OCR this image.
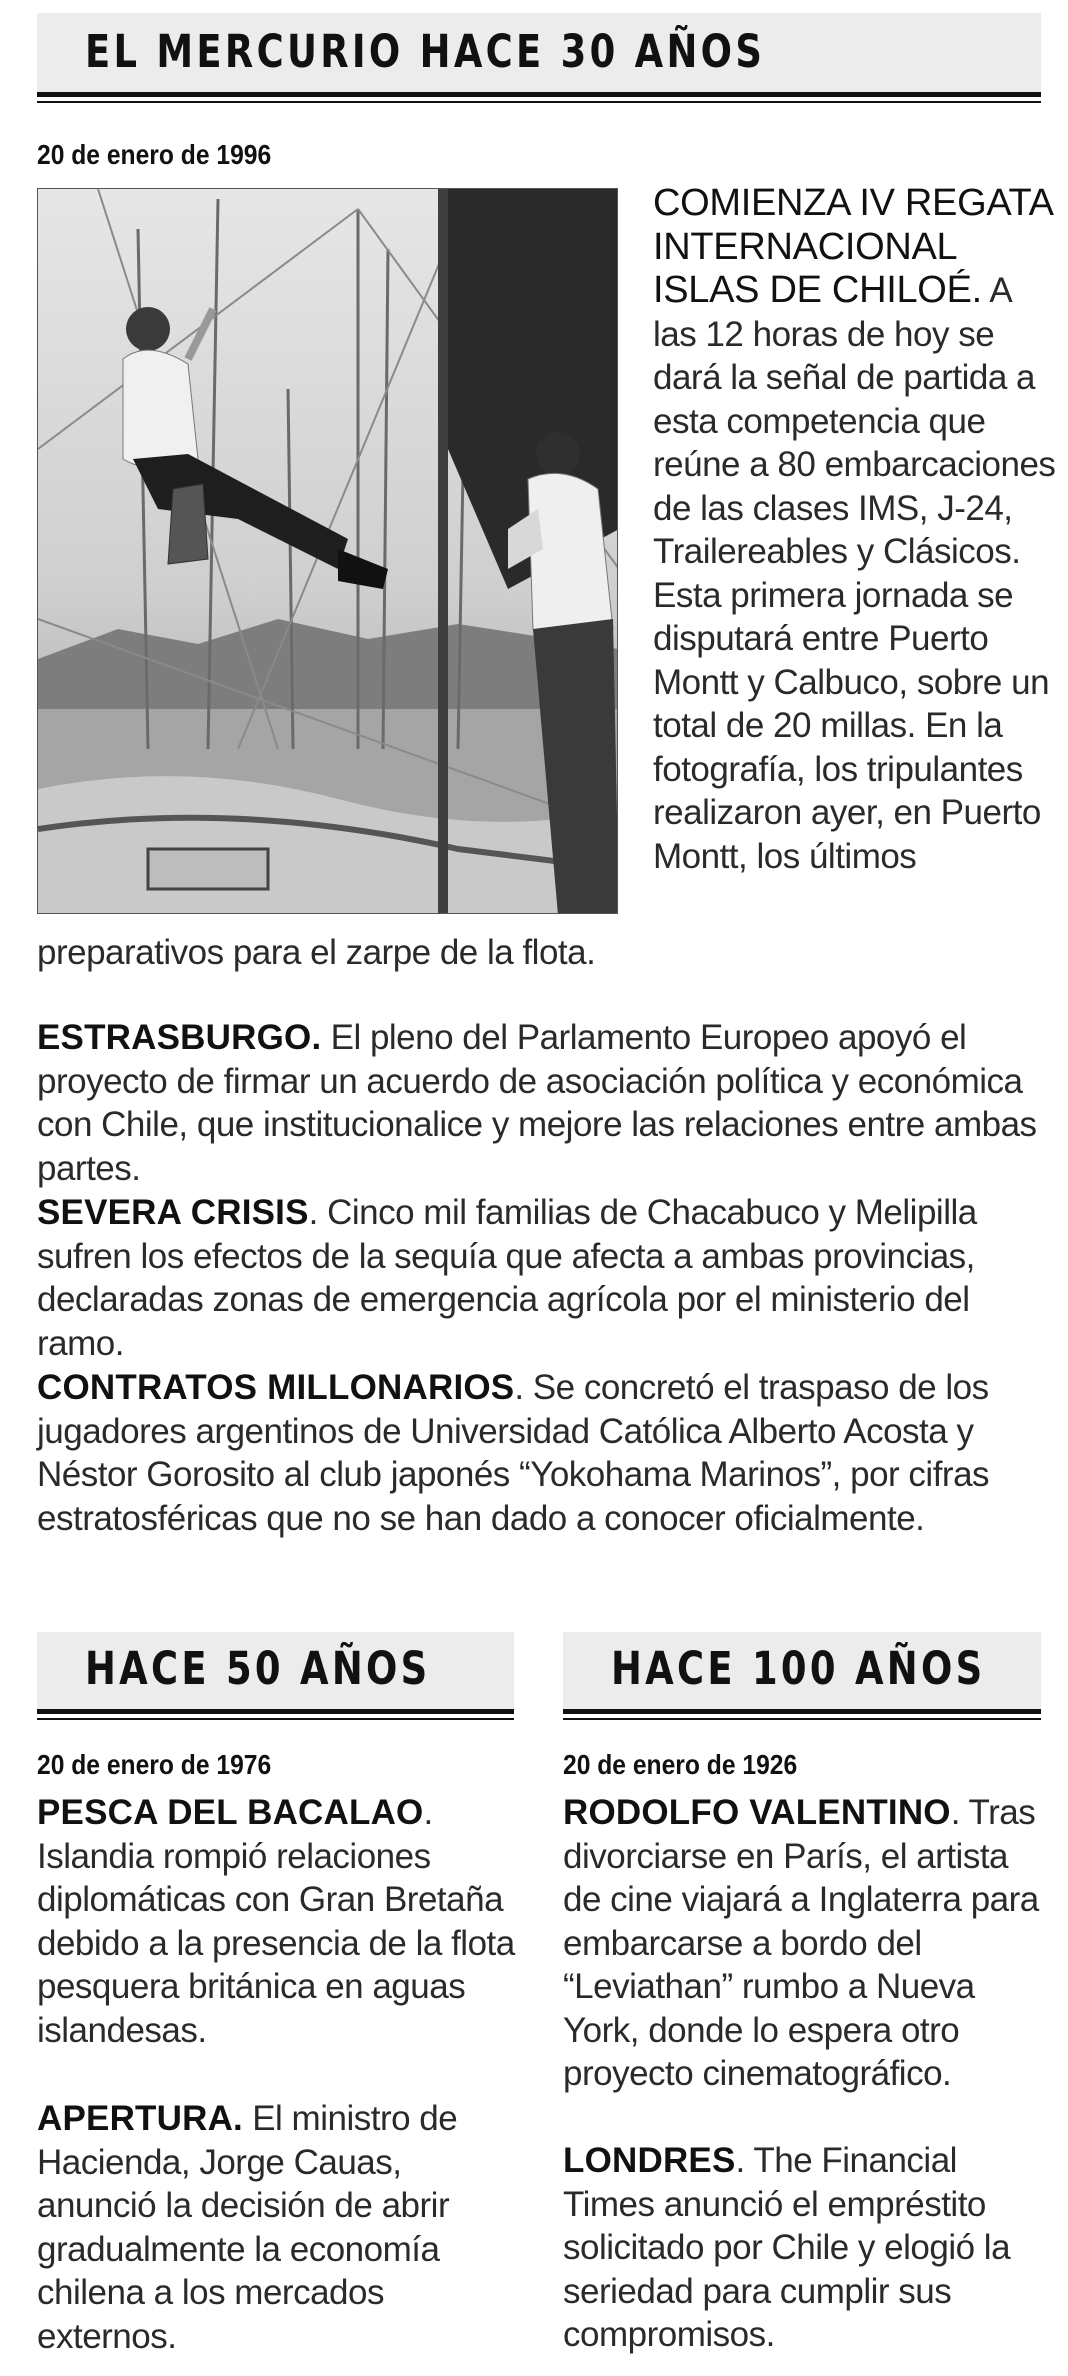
EL MERCURIO HACE 30 AÑOS
20 de enero de 1996
COMIENZA IV REGATA INTERNACIONAL ISLAS DE CHILOÉ. A
las 12 horas de hoy se
dará la señal de partida a
esta competencia que
reúne a 80 embarcaciones
de las clases IMS, J-24,
Trailereables y Clásicos.
Esta primera jornada se
disputará entre Puerto
Montt y Calbuco, sobre un
total de 20 millas. En la
fotografía, los tripulantes
realizaron ayer, en Puerto
Montt, los últimos
preparativos para el zarpe de la flota.
ESTRASBURGO. El pleno del Parlamento Europeo apoyó el proyecto de firmar un acuerdo de asociación política y económica con Chile, que institucionalice y mejore las relaciones entre ambas partes.
SEVERA CRISIS. Cinco mil familias de Chacabuco y Melipilla sufren los efectos de la sequía que afecta a ambas provincias, declaradas zonas de emergencia agrícola por el ministerio del ramo.
CONTRATOS MILLONARIOS. Se concretó el traspaso de los jugadores argentinos de Universidad Católica Alberto Acosta y Néstor Gorosito al club japonés “Yokohama Marinos”, por cifras estratosféricas que no se han dado a conocer oficialmente.
HACE 50 AÑOS
20 de enero de 1976
PESCA DEL BACALAO. Islandia rompió relaciones diplomáticas con Gran Bretaña debido a la presencia de la flota pesquera británica en aguas islandesas.
APERTURA. El ministro de Hacienda, Jorge Cauas, anunció la decisión de abrir gradualmente la economía chilena a los mercados externos.
HACE 100 AÑOS
20 de enero de 1926
RODOLFO VALENTINO. Tras divorciarse en París, el artista de cine viajará a Inglaterra para embarcarse a bordo del “Leviathan” rumbo a Nueva York, donde lo espera otro proyecto cinematográfico.
LONDRES. The Financial Times anunció el empréstito solicitado por Chile y elogió la seriedad para cumplir sus compromisos.
